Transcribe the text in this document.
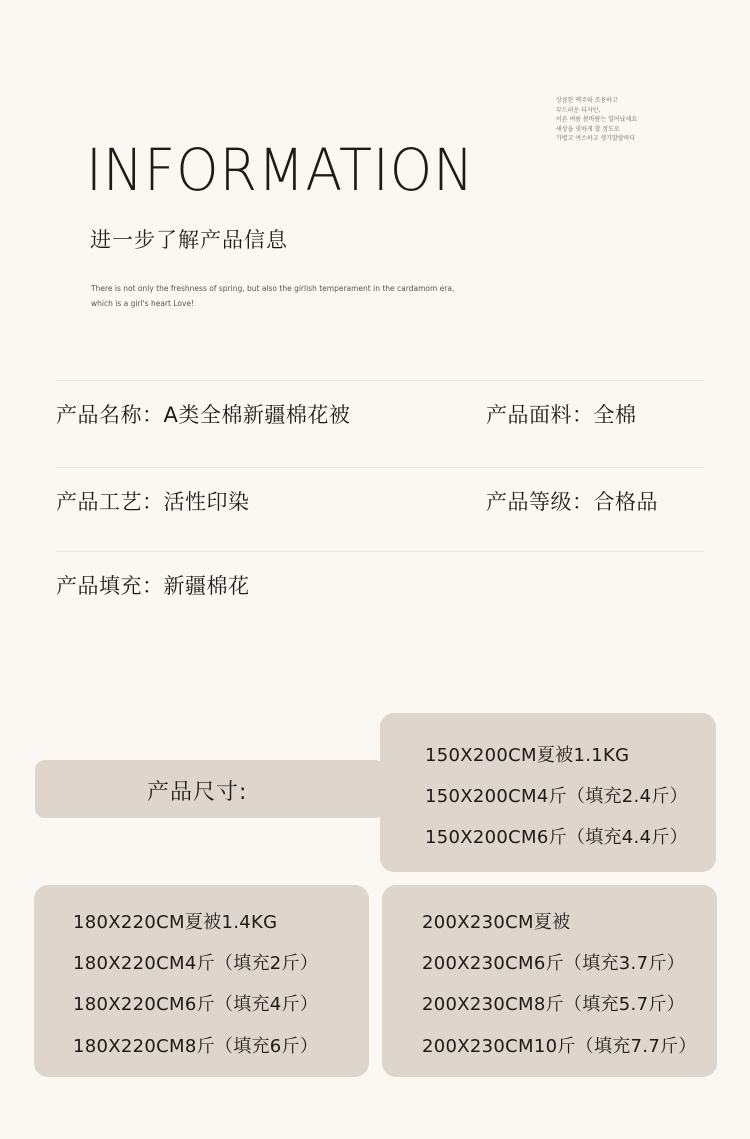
상큼한 맥주와 조용하고
부드러운 디자인,
이른 여름 봄바람는 일어났세요
새상을 엿하게 할 정도로
가볍고 여스하고 생기발랄하다
INFORMATION
进一步了解产品信息
There is not only the freshness of spring, but also the girlish temperament in the cardamom era,
which is a girl's heart Love!
产品名称：A类全棉新疆棉花被	产品面料：全棉
产品工艺：活性印染	产品等级：合格品
产品填充：新疆棉花
产品尺寸:
150X200CM夏被1.1KG
150X200CM4斤（填充2.4斤）
150X200CM6斤（填充4.4斤）
180X220CM夏被1.4KG
180X220CM4斤（填充2斤）
180X220CM6斤（填充4斤）
180X220CM8斤（填充6斤）
200X230CM夏被
200X230CM6斤（填充3.7斤）
200X230CM8斤（填充5.7斤）
200X230CM10斤（填充7.7斤）
